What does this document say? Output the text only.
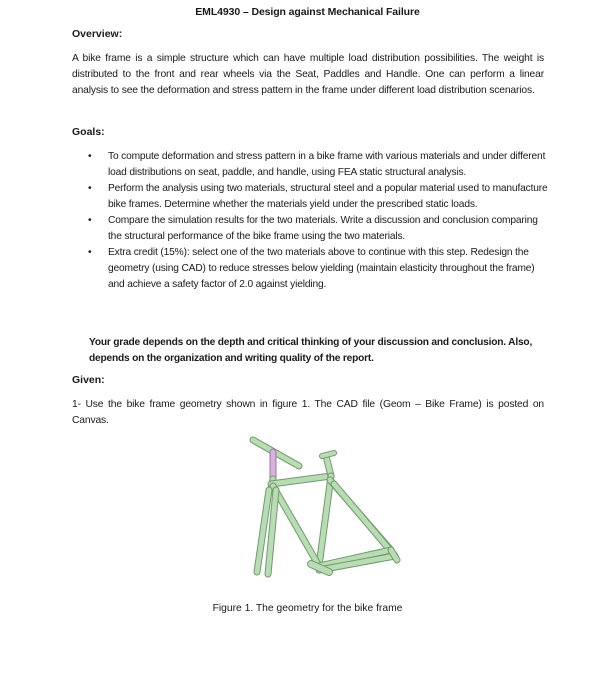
EML4930 – Design against Mechanical Failure
Overview:
A bike frame is a simple structure which can have multiple load distribution possibilities. The weight is distributed to the front and rear wheels via the Seat, Paddles and Handle. One can perform a linear analysis to see the deformation and stress pattern in the frame under different load distribution scenarios.
Goals:
• To compute deformation and stress pattern in a bike frame with various materials and under different load distributions on seat, paddle, and handle, using FEA static structural analysis.
• Perform the analysis using two materials, structural steel and a popular material used to manufacture bike frames. Determine whether the materials yield under the prescribed static loads.
• Compare the simulation results for the two materials. Write a discussion and conclusion comparing the structural performance of the bike frame using the two materials.
• Extra credit (15%): select one of the two materials above to continue with this step. Redesign the geometry (using CAD) to reduce stresses below yielding (maintain elasticity throughout the frame) and achieve a safety factor of 2.0 against yielding.
Your grade depends on the depth and critical thinking of your discussion and conclusion. Also, depends on the organization and writing quality of the report.
Given:
1- Use the bike frame geometry shown in figure 1. The CAD file (Geom – Bike Frame) is posted on Canvas.
Figure 1. The geometry for the bike frame
